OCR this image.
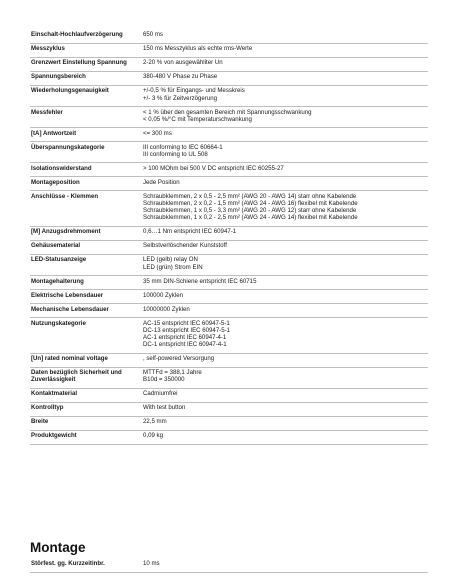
Einschalt-Hochlaufverzögerung	650 ms
Messzyklus	150 ms Messzyklus als echte rms-Werte
Grenzwert Einstellung Spannung	2-20 % von ausgewähliter Un
Spannungsbereich	380-480 V Phase zu Phase
Wiederholungsgenauigkeit	+/-0,5 % für Eingangs- und Messkreis
+/- 3 % für Zeitverzögerung
Messfehler	< 1 % über den gesamten Bereich mit Spannungsschwankung
< 0,05 %/°C mit Temperaturschwankung
[tA] Antwortzeit	<= 300 ms
Überspannungskategorie	III conforming to IEC 60664-1
III conforming to UL 508
Isolationswiderstand	> 100 MOhm bei 500 V DC entspricht IEC 60255-27
Montageposition	Jede Position
Anschlüsse - Klemmen	Schraubklemmen, 2 x 0,5 - 2,5 mm² (AWG 20 - AWG 14) starr ohne Kabelende
Schraubklemmen, 2 x 0,2 - 1,5 mm² (AWG 24 - AWG 16) flexibel mit Kabelende
Schraubklemmen, 1 x 0,5 - 3,3 mm² (AWG 20 - AWG 12) starr ohne Kabelende
Schraubklemmen, 1 x 0,2 - 2,5 mm² (AWG 24 - AWG 14) flexibel mit Kabelende
[M] Anzugsdrehmoment	0,6…1 Nm entspricht IEC 60947-1
Gehäusematerial	Selbstverlöschender Kunststoff
LED-Statusanzeige	LED (gelb) relay ON
LED (grün) Strom EIN
Montagehalterung	35 mm DIN-Schiene entspricht IEC 60715
Elektrische Lebensdauer	100000 Zyklen
Mechanische Lebensdauer	10000000 Zyklen
Nutzungskategorie	AC-15 entspricht IEC 60947-5-1
DC-13 entspricht IEC 60947-5-1
AC-1 entspricht IEC 60947-4-1
DC-1 entspricht IEC 60947-4-1
[Un] rated nominal voltage	, self-powered Versorgung
Daten bezüglich Sicherheit und Zuverlässigkeit
MTTFd = 388,1 Jahre
B10d = 350000
Kontaktmaterial	Cadmiumfrei
Kontrolltyp	With test button
Breite	22,5 mm
Produktgewicht	0,09 kg
Montage
Störfest. gg. Kurzzeitinbr.	10 ms
